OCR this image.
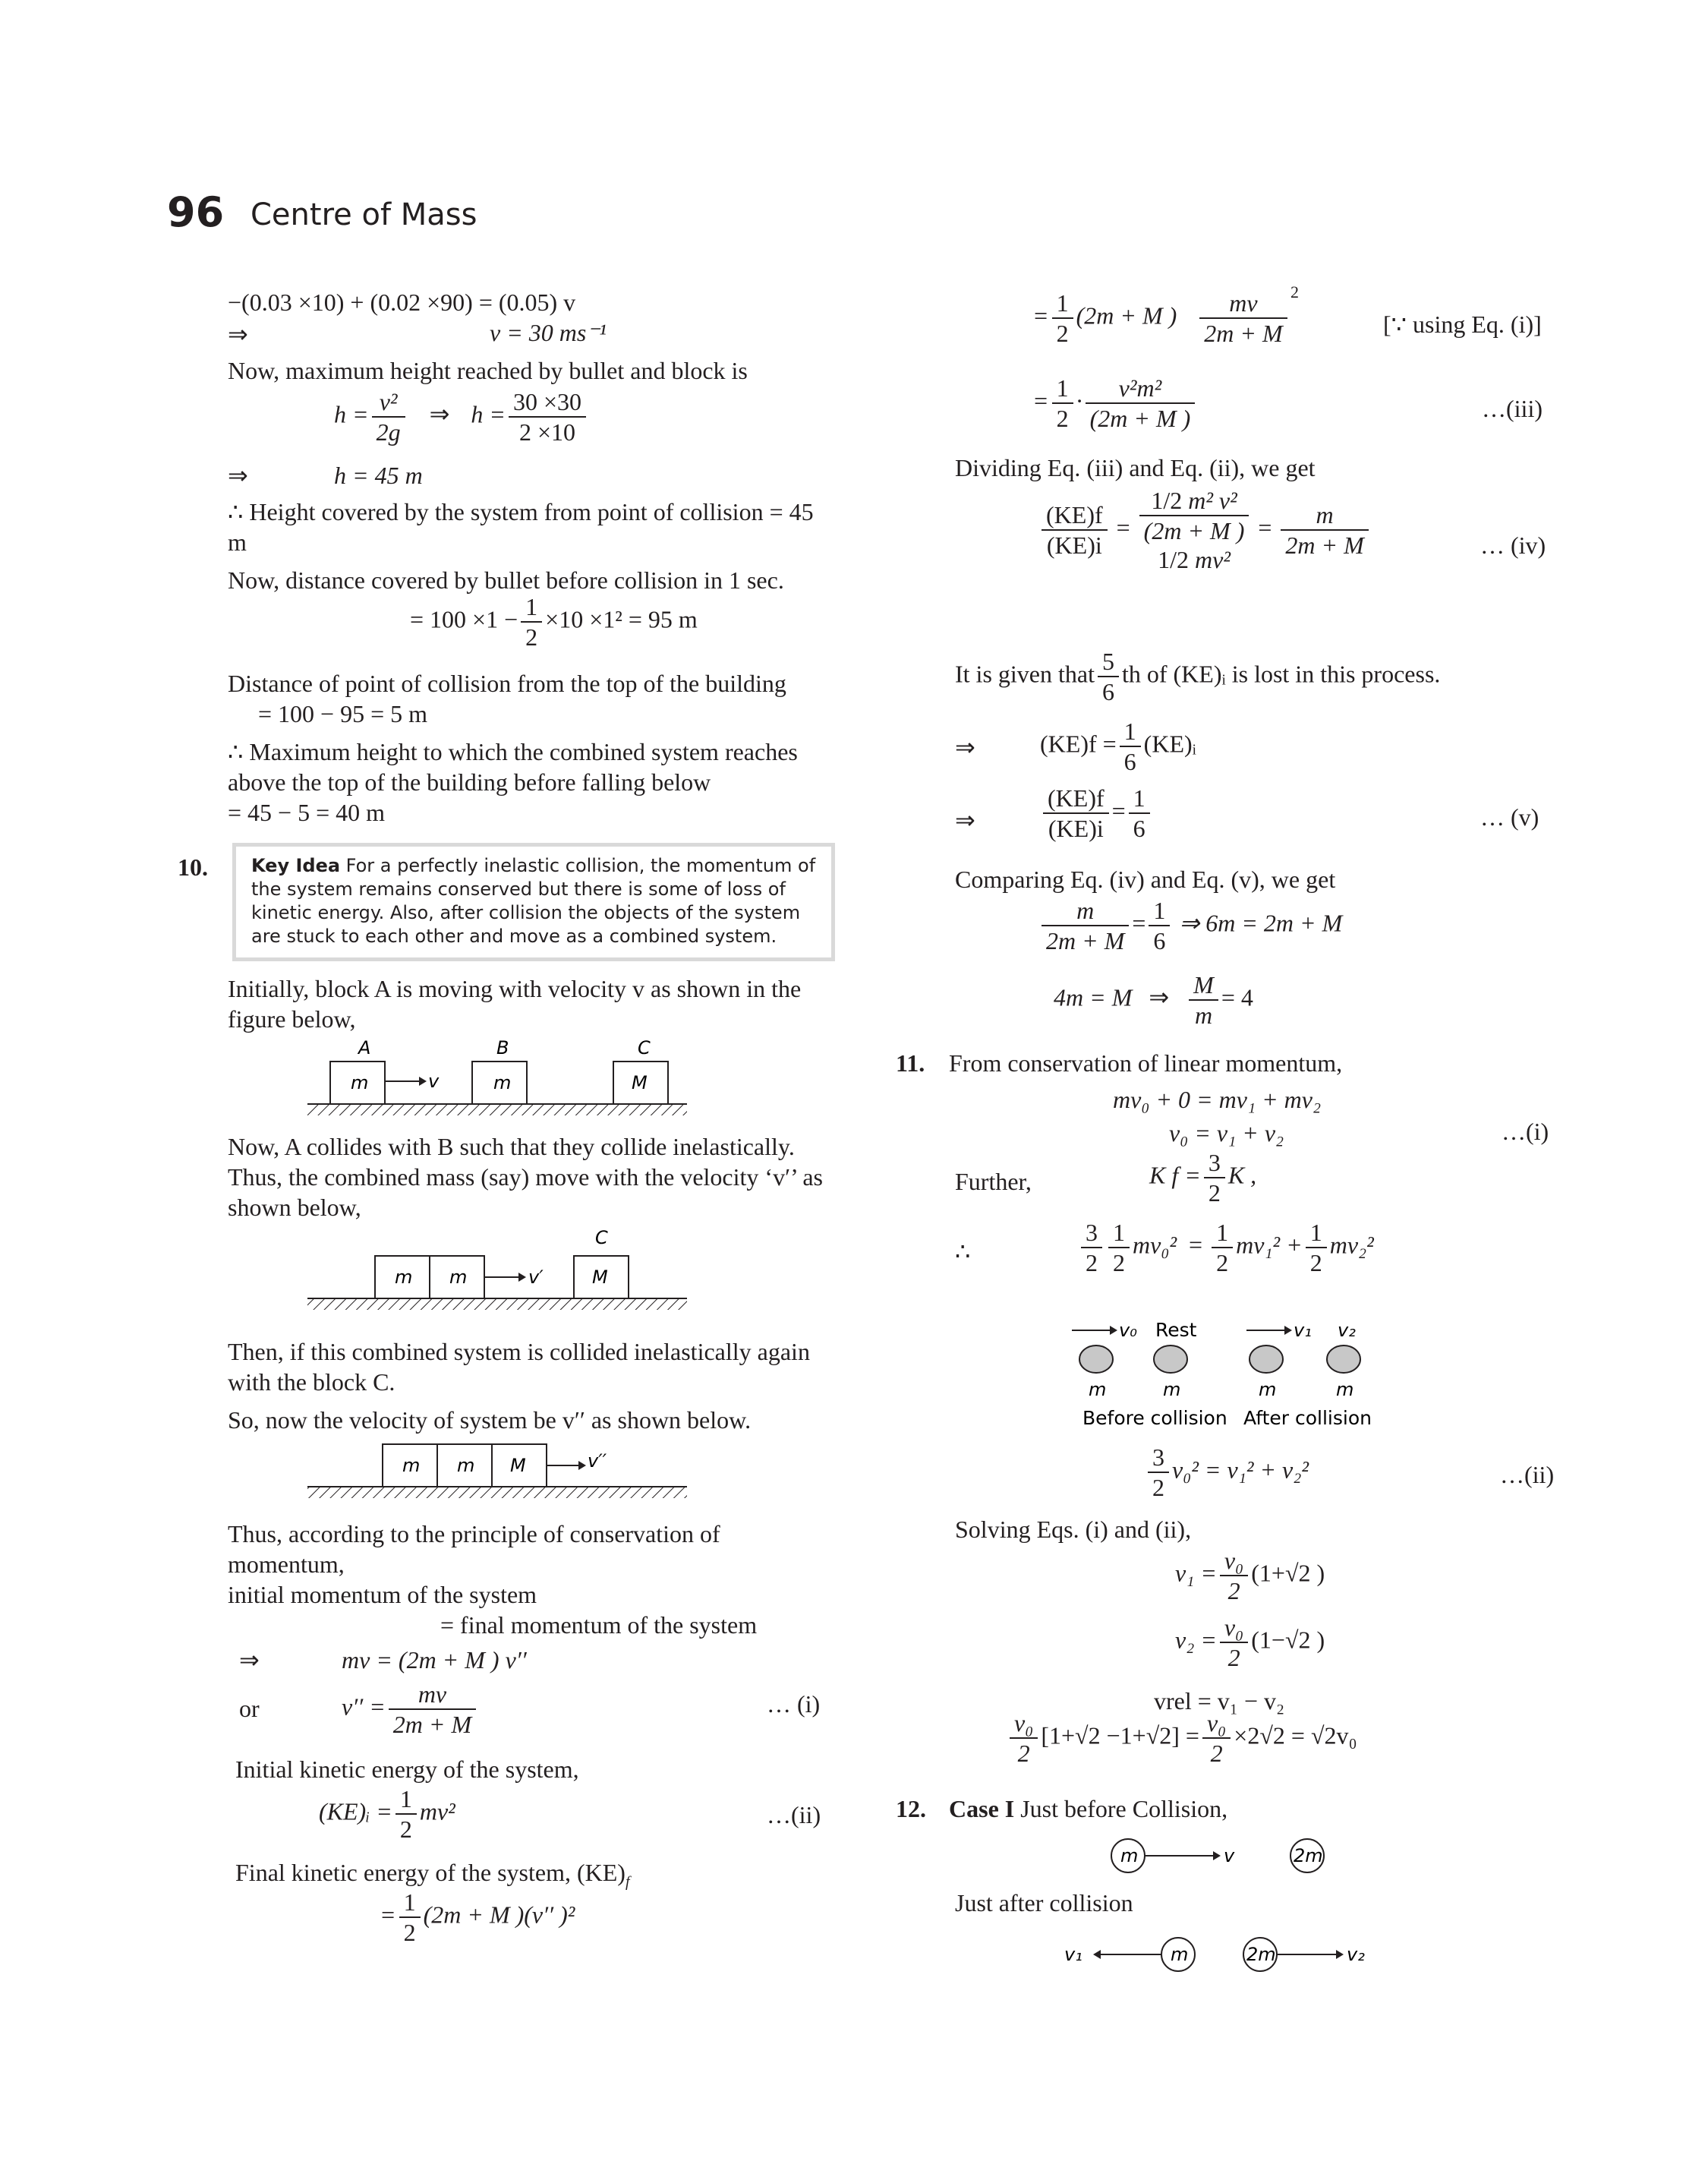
96 Centre of Mass
−(0.03 ×10) + (0.02 ×90) = (0.05) v
⇒	v = 30 ms⁻¹
Now, maximum height reached by bullet and block is
$h = \frac{\text{v²}}{2g}$ ⇒ $h = \frac{30 \times 30}{2 \times 10}$
⇒	h = 45 m
∴ Height covered by the system from point of collision = 45
m
Now, distance covered by bullet before collision in 1 sec.
= $100 \times 1 - \frac{1}{2} \times 10 \times 1^2 = 95$ m
Distance of point of collision from the top of the building
= 100 − 95 = 5 m
∴ Maximum height to which the combined system reaches
above the top of the building before falling below
= 45 − 5 = 40 m
10.	Key Idea For a perfectly inelastic collision, the momentum of the system remains conserved but there is some of loss of kinetic energy. Also, after collision the objects of the system are stuck to each other and move as a combined system.
Initially, block A is moving with velocity v as shown in the
figure below,
A	B	C
m	m	M
v
Now, A collides with B such that they collide inelastically.
Thus, the combined mass (say) move with the velocity ‘v′’ as
shown below,
C
m m	M
v′
Then, if this combined system is collided inelastically again
with the block C.
So, now the velocity of system be v′′ as shown below.
m m M	v′′
Thus, according to the principle of conservation of
momentum,
initial momentum of the system
= final momentum of the system
⇒	mv = (2m + M ) v′′
or	$v'' = \frac{mv}{2m + M}$	… (i)
Initial kinetic energy of the system,
(KE)ᵢ = $\frac{1}{2} mv^2$	…(ii)
Final kinetic energy of the system, $(KE)_f$
= $\frac{1}{2} (2m + M$ )(v′′ )²
= $\frac{1}{2} (2m + M$ ) $\frac{mv}{2m + M} 2$
[∵ using Eq. (i)]
= $\frac{1}{2} \cdot \frac{\text{v²m²}}{(2m + M )}$	…(iii)
Dividing Eq. (iii) and Eq. (ii), we get
$\frac{(KE)f}{(KE)i}$ =
1/2 m² v²
(2m + M )
1/2 mv²
= $\frac{m}{2m + M}$	… (iv)
It is given that $\frac{5}{6}$ th of (KE)ᵢ is lost in this process.
⇒	$(KE)f = \frac{1}{6}$ (KE)ᵢ
⇒	$\frac{(KE)f}{(KE)i} = \frac{1}{6}$	… (v)
Comparing Eq. (iv) and Eq. (v), we get
$\frac{m}{2m + M} = \frac{1}{6}$ ⇒ 6m = 2m + M
4m = M ⇒ $\frac{M}{m} = 4$
11. From conservation of linear momentum,
mv₀ + 0 = mv₁ + mv₂
v₀ = v₁ + v₂	…(i)
Further,	K $f = \frac{3}{2}$ K ,
∴	$\frac{3}{2} \frac{1}{2} mv_0^2 = \frac{1}{2} mv_1^2 + \frac{1}{2} mv_2^2$
v₀ Rest	v₁ v₂
m	m	m	m
Before collision After collision
$\frac{3}{2} v_0^2 = v_1^2 + v_2^2$	…(ii)
Solving Eqs. (i) and (ii),
$v_1 = \frac{\text{v₀}}{2} (1+√2$ )
$v_2 = \frac{\text{v₀}}{2} (1-√2$ )
vrel = v₁ − v₂
$\frac{\text{v₀}}{2} [1+√2 -1+√2] = \frac{\text{v₀}}{2} \times 2√2 = √2v_0$
12. Case I Just before Collision,
m	v	2m
Just after collision
v₁	m	2m	v₂
